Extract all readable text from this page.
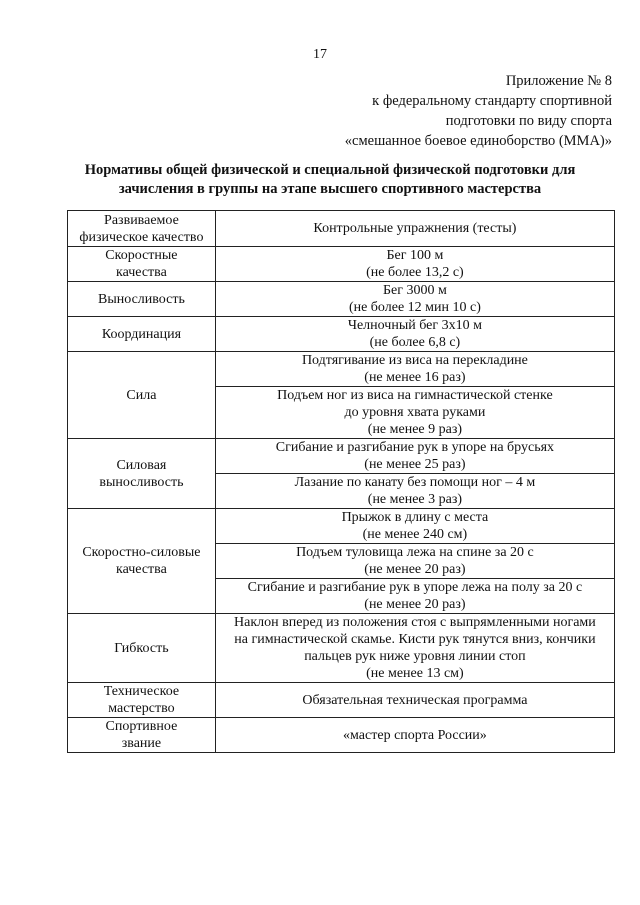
17
Приложение № 8
к федеральному стандарту спортивной
подготовки по виду спорта
«смешанное боевое единоборство (ММА)»
Нормативы общей физической и специальной физической подготовки для
зачисления в группы на этапе высшего спортивного мастерства
Развиваемое
физическое качество	Контрольные упражнения (тесты)

Скоростные
качества	Бег 100 м
(не более 13,2 с)

Выносливость	Бег 3000 м
(не более 12 мин 10 с)

Координация	Челночный бег 3х10 м
(не более 6,8 с)

Сила	Подтягивание из виса на перекладине
(не менее 16 раз)

	Подъем ног из виса на гимнастической стенке
до уровня хвата руками
(не менее 9 раз)

Силовая
выносливость	Сгибание и разгибание рук в упоре на брусьях
(не менее 25 раз)

	Лазание по канату без помощи ног – 4 м
(не менее 3 раз)

Скоростно-силовые
качества	Прыжок в длину с места
(не менее 240 см)

	Подъем туловища лежа на спине за 20 с
(не менее 20 раз)

	Сгибание и разгибание рук в упоре лежа на полу за 20 с
(не менее 20 раз)

Гибкость	Наклон вперед из положения стоя с выпрямленными ногами
на гимнастической скамье. Кисти рук тянутся вниз, кончики
пальцев рук ниже уровня линии стоп
(не менее 13 см)

Техническое
мастерство	Обязательная техническая программа

Спортивное
звание	«мастер спорта России»
